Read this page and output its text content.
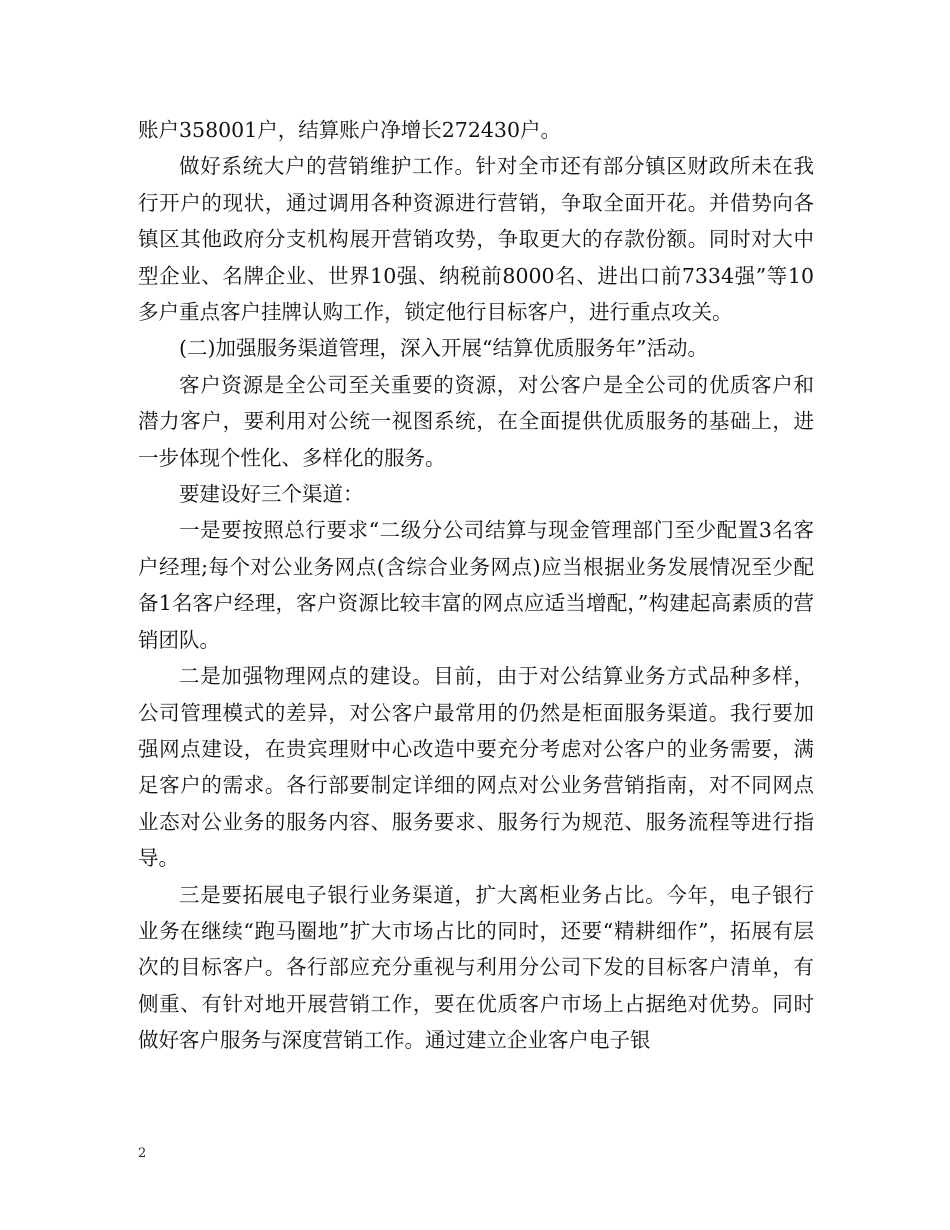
账户358001户，结算账户净增长272430户。

做好系统大户的营销维护工作。针对全市还有部分镇区财政所未在我行开户的现状，通过调用各种资源进行营销，争取全面开花。并借势向各镇区其他政府分支机构展开营销攻势，争取更大的存款份额。同时对大中型企业、名牌企业、世界10强、纳税前8000名、进出口前7334强”等10多户重点客户挂牌认购工作，锁定他行目标客户，进行重点攻关。

(二)加强服务渠道管理，深入开展“结算优质服务年”活动。

客户资源是全公司至关重要的资源，对公客户是全公司的优质客户和潜力客户，要利用对公统一视图系统，在全面提供优质服务的基础上，进一步体现个性化、多样化的服务。

要建设好三个渠道：

一是要按照总行要求“二级分公司结算与现金管理部门至少配置3名客户经理;每个对公业务网点(含综合业务网点)应当根据业务发展情况至少配备1名客户经理，客户资源比较丰富的网点应适当增配，”构建起高素质的营销团队。

二是加强物理网点的建设。目前，由于对公结算业务方式品种多样，公司管理模式的差异，对公客户最常用的仍然是柜面服务渠道。我行要加强网点建设，在贵宾理财中心改造中要充分考虑对公客户的业务需要，满足客户的需求。各行部要制定详细的网点对公业务营销指南，对不同网点业态对公业务的服务内容、服务要求、服务行为规范、服务流程等进行指导。

三是要拓展电子银行业务渠道，扩大离柜业务占比。今年，电子银行业务在继续“跑马圈地”扩大市场占比的同时，还要“精耕细作”，拓展有层次的目标客户。各行部应充分重视与利用分公司下发的目标客户清单，有侧重、有针对地开展营销工作，要在优质客户市场上占据绝对优势。同时做好客户服务与深度营销工作。通过建立企业客户电子银

2
